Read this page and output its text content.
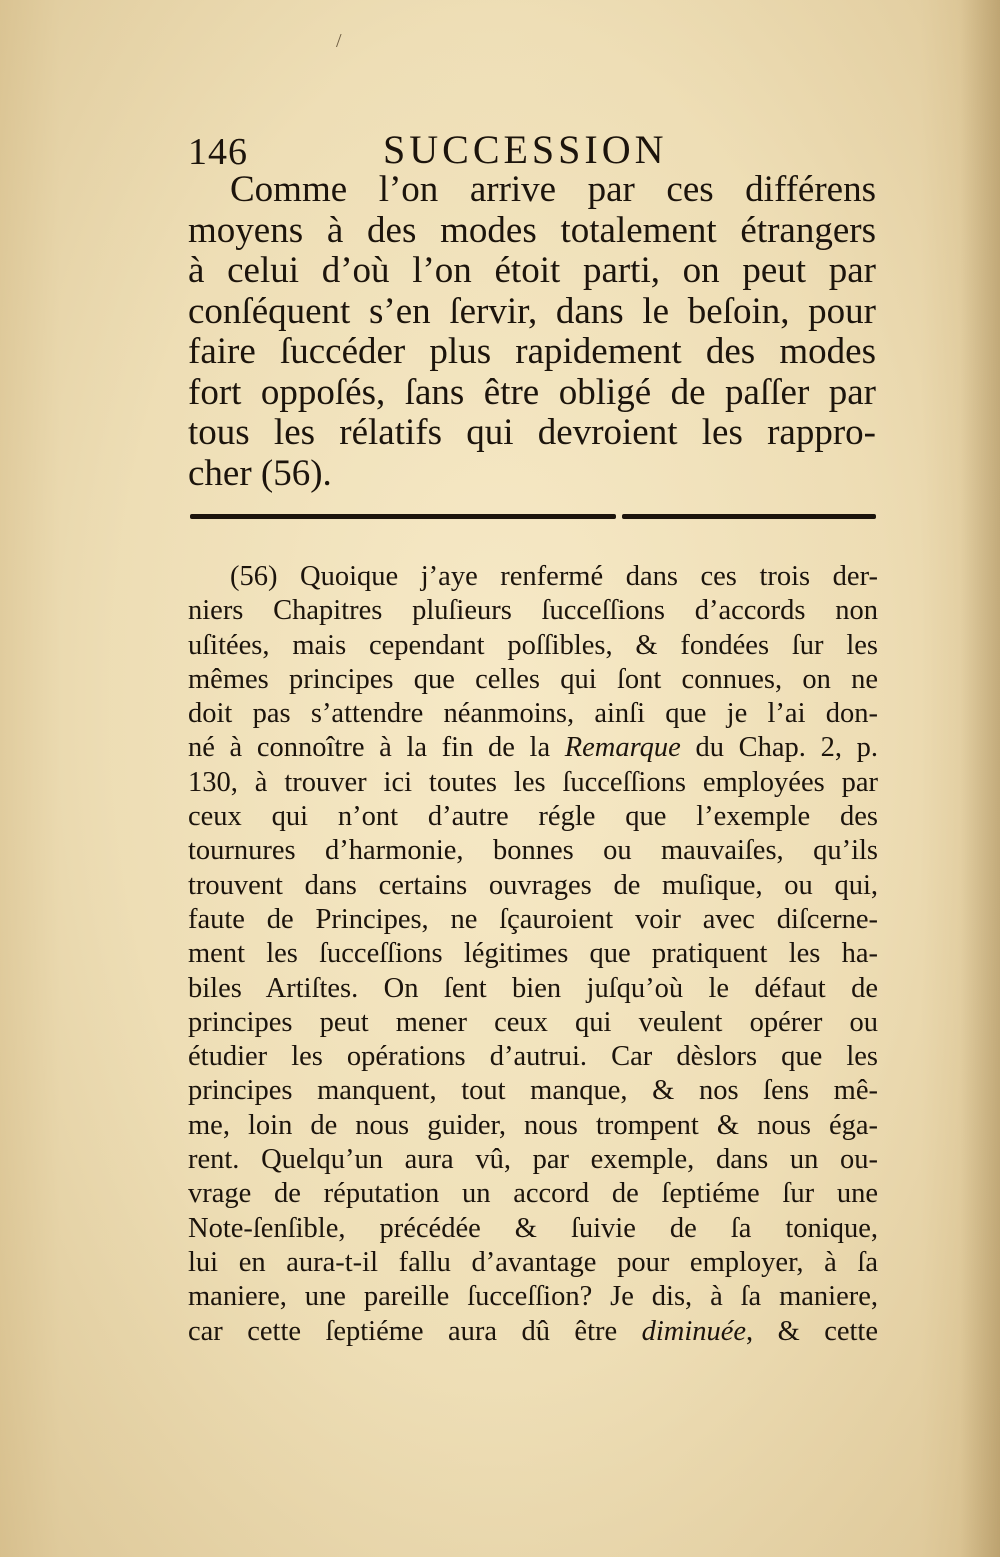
/
146	SUCCESSION
Comme l’on arrive par ces différens
moyens à des modes totalement étrangers
à celui d’où l’on étoit parti, on peut par
conſéquent s’en ſervir, dans le beſoin, pour
faire ſuccéder plus rapidement des modes
fort oppoſés, ſans être obligé de paſſer par
tous les rélatifs qui devroient les rappro-
cher (56).
(56) Quoique j’aye renfermé dans ces trois der-
niers Chapitres pluſieurs ſucceſſions d’accords non
uſitées, mais cependant poſſibles, & fondées ſur les
mêmes principes que celles qui ſont connues, on ne
doit pas s’attendre néanmoins, ainſi que je l’ai don-
né à connoître à la fin de la Remarque du Chap. 2, p.
130, à trouver ici toutes les ſucceſſions employées par
ceux qui n’ont d’autre régle que l’exemple des
tournures d’harmonie, bonnes ou mauvaiſes, qu’ils
trouvent dans certains ouvrages de muſique, ou qui,
faute de Principes, ne ſçauroient voir avec diſcerne-
ment les ſucceſſions légitimes que pratiquent les ha-
biles Artiſtes. On ſent bien juſqu’où le défaut de
principes peut mener ceux qui veulent opérer ou
étudier les opérations d’autrui. Car dèslors que les
principes manquent, tout manque, & nos ſens mê-
me, loin de nous guider, nous trompent & nous éga-
rent. Quelqu’un aura vû, par exemple, dans un ou-
vrage de réputation un accord de ſeptiéme ſur une
Note-ſenſible, précédée & ſuivie de ſa tonique,
lui en aura-t-il fallu d’avantage pour employer, à ſa
maniere, une pareille ſucceſſion? Je dis, à ſa maniere,
car cette ſeptiéme aura dû être diminuée, & cette
